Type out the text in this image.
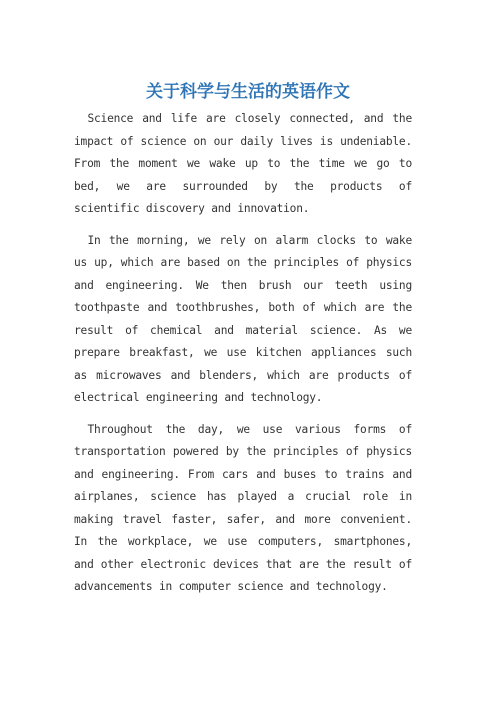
关于科学与生活的英语作文

Science and life are closely connected, and the impact of science on our daily lives is undeniable. From the moment we wake up to the time we go to bed, we are surrounded by the products of scientific discovery and innovation.

In the morning, we rely on alarm clocks to wake us up, which are based on the principles of physics and engineering. We then brush our teeth using toothpaste and toothbrushes, both of which are the result of chemical and material science. As we prepare breakfast, we use kitchen appliances such as microwaves and blenders, which are products of electrical engineering and technology.

Throughout the day, we use various forms of transportation powered by the principles of physics and engineering. From cars and buses to trains and airplanes, science has played a crucial role in making travel faster, safer, and more convenient. In the workplace, we use computers, smartphones, and other electronic devices that are the result of advancements in computer science and technology.
